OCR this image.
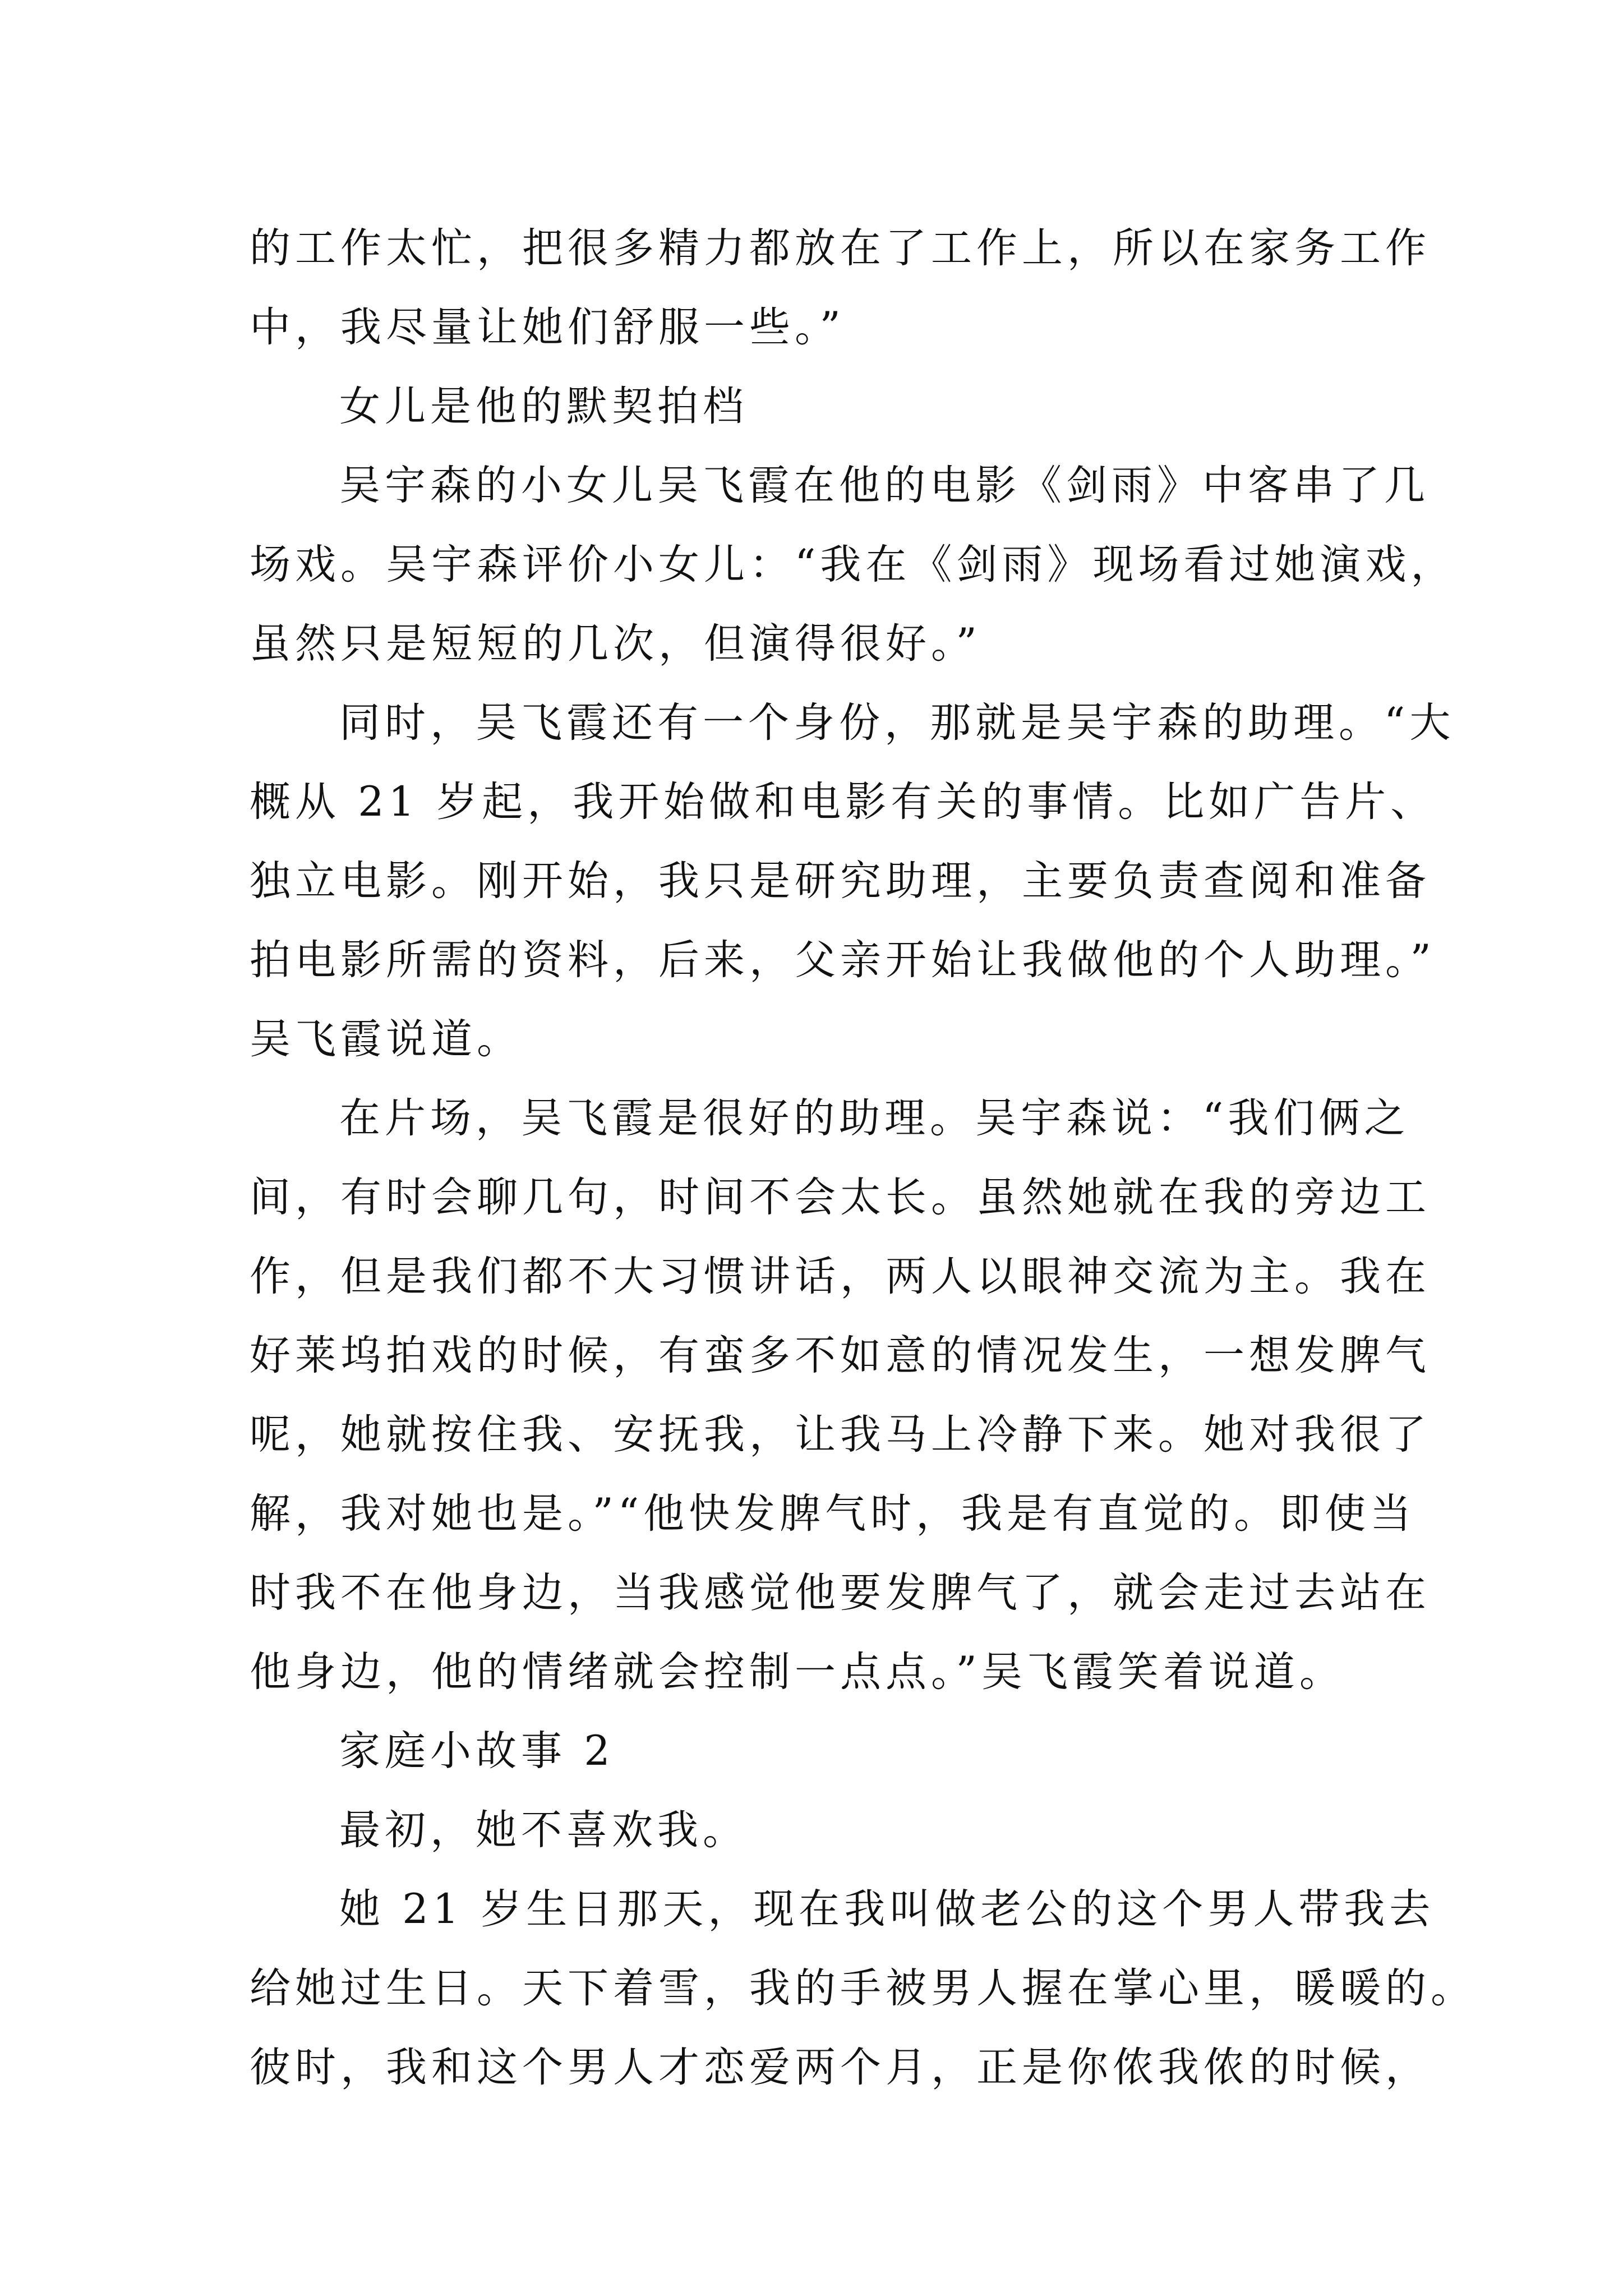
的工作太忙，把很多精力都放在了工作上，所以在家务工作
中，我尽量让她们舒服一些。”
女儿是他的默契拍档
吴宇森的小女儿吴飞霞在他的电影《剑雨》中客串了几
场戏。吴宇森评价小女儿：“我在《剑雨》现场看过她演戏，
虽然只是短短的几次，但演得很好。”
同时，吴飞霞还有一个身份，那就是吴宇森的助理。“大
概从 21 岁起，我开始做和电影有关的事情。比如广告片、
独立电影。刚开始，我只是研究助理，主要负责查阅和准备
拍电影所需的资料，后来，父亲开始让我做他的个人助理。”
吴飞霞说道。
在片场，吴飞霞是很好的助理。吴宇森说：“我们俩之
间，有时会聊几句，时间不会太长。虽然她就在我的旁边工
作，但是我们都不大习惯讲话，两人以眼神交流为主。我在
好莱坞拍戏的时候，有蛮多不如意的情况发生，一想发脾气
呢，她就按住我、安抚我，让我马上冷静下来。她对我很了
解，我对她也是。”“他快发脾气时，我是有直觉的。即使当
时我不在他身边，当我感觉他要发脾气了，就会走过去站在
他身边，他的情绪就会控制一点点。”吴飞霞笑着说道。
家庭小故事 2
最初，她不喜欢我。
她 21 岁生日那天，现在我叫做老公的这个男人带我去
给她过生日。天下着雪，我的手被男人握在掌心里，暖暖的。
彼时，我和这个男人才恋爱两个月，正是你侬我侬的时候，
